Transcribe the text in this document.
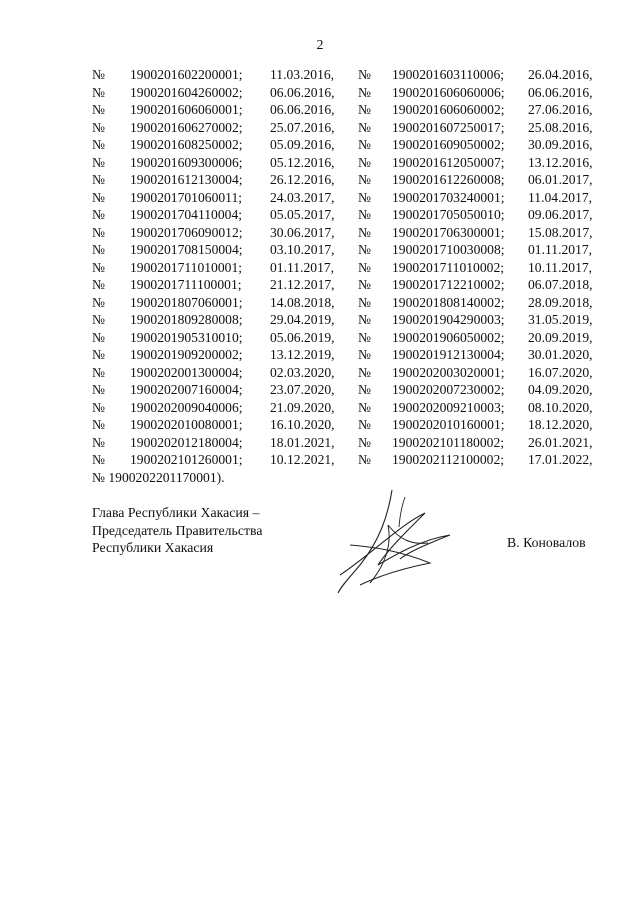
2
№ 1900201602200001; 11.03.2016, № 1900201603110006; 26.04.2016,
№ 1900201604260002; 06.06.2016, № 1900201606060006; 06.06.2016,
№ 1900201606060001; 06.06.2016, № 1900201606060002; 27.06.2016,
№ 1900201606270002; 25.07.2016, № 1900201607250017; 25.08.2016,
№ 1900201608250002; 05.09.2016, № 1900201609050002; 30.09.2016,
№ 1900201609300006; 05.12.2016, № 1900201612050007; 13.12.2016,
№ 1900201612130004; 26.12.2016, № 1900201612260008; 06.01.2017,
№ 1900201701060011; 24.03.2017, № 1900201703240001; 11.04.2017,
№ 1900201704110004; 05.05.2017, № 1900201705050010; 09.06.2017,
№ 1900201706090012; 30.06.2017, № 1900201706300001; 15.08.2017,
№ 1900201708150004; 03.10.2017, № 1900201710030008; 01.11.2017,
№ 1900201711010001; 01.11.2017, № 1900201711010002; 10.11.2017,
№ 1900201711100001; 21.12.2017, № 1900201712210002; 06.07.2018,
№ 1900201807060001; 14.08.2018, № 1900201808140002; 28.09.2018,
№ 1900201809280008; 29.04.2019, № 1900201904290003; 31.05.2019,
№ 1900201905310010; 05.06.2019, № 1900201906050002; 20.09.2019,
№ 1900201909200002; 13.12.2019, № 1900201912130004; 30.01.2020,
№ 1900202001300004; 02.03.2020, № 1900202003020001; 16.07.2020,
№ 1900202007160004; 23.07.2020, № 1900202007230002; 04.09.2020,
№ 1900202009040006; 21.09.2020, № 1900202009210003; 08.10.2020,
№ 1900202010080001; 16.10.2020, № 1900202010160001; 18.12.2020,
№ 1900202012180004; 18.01.2021, № 1900202101180002; 26.01.2021,
№ 1900202101260001; 10.12.2021, № 1900202112100002; 17.01.2022,
№ 1900202201170001).
Глава Республики Хакасия –
Председатель Правительства
Республики Хакасия	В. Коновалов
